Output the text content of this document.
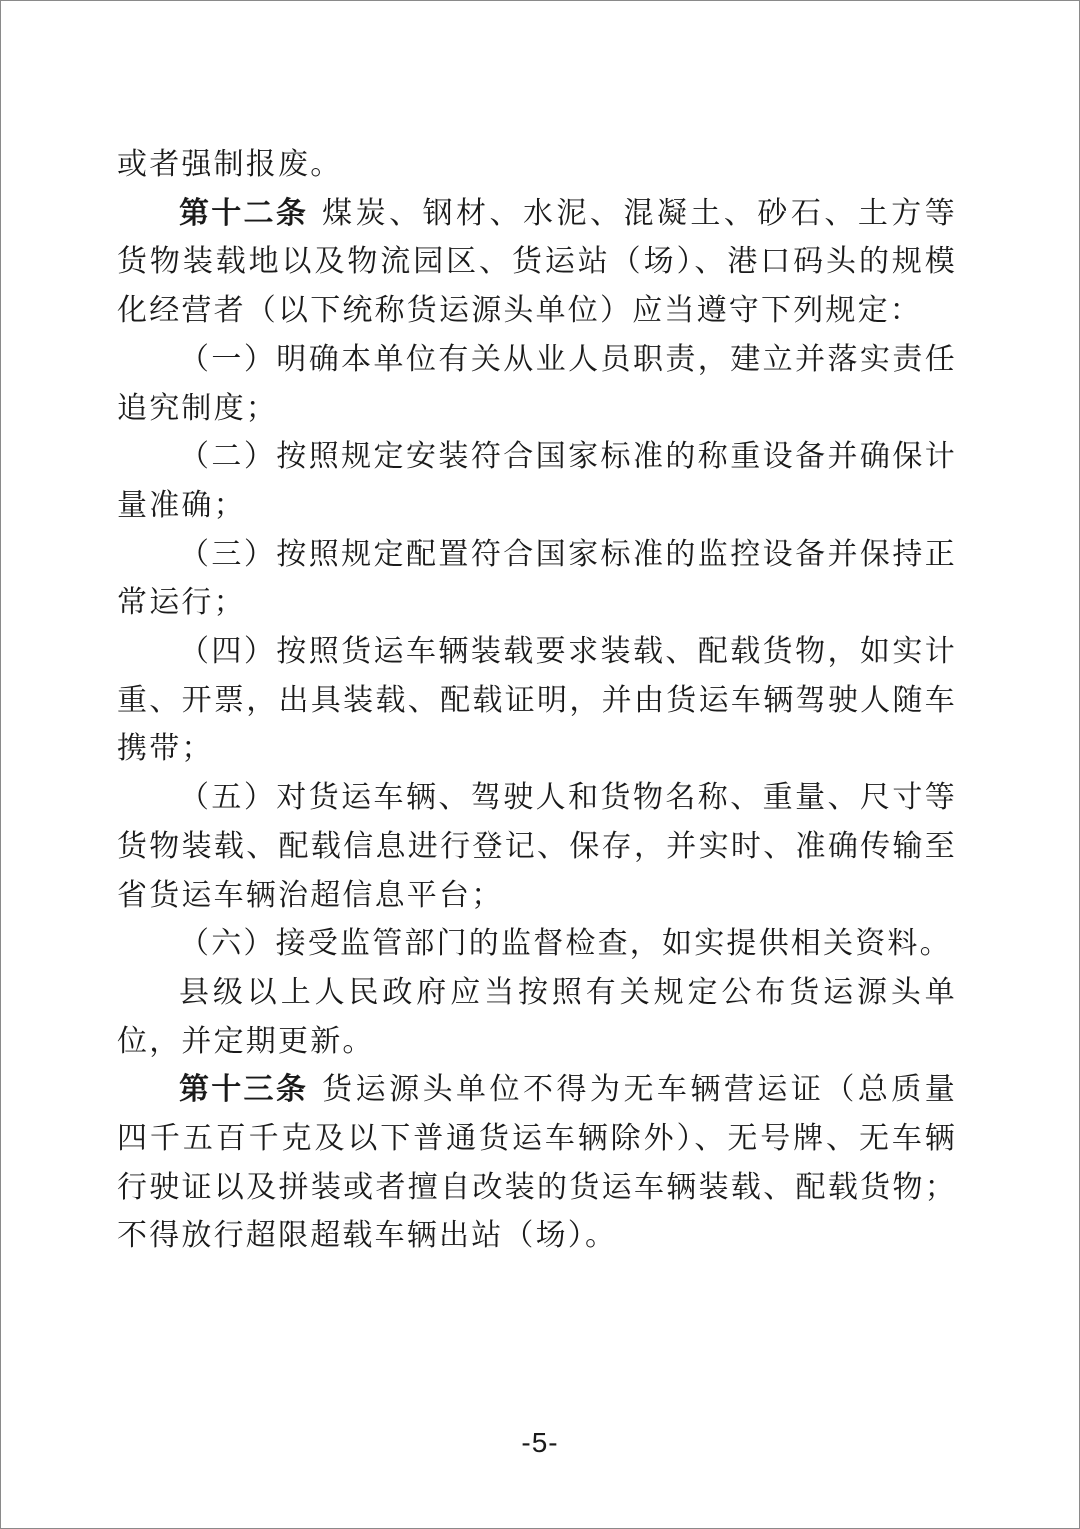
或者强制报废。

第十二条 煤炭、钢材、水泥、混凝土、砂石、土方等货物装载地以及物流园区、货运站（场）、港口码头的规模化经营者（以下统称货运源头单位）应当遵守下列规定：

（一）明确本单位有关从业人员职责，建立并落实责任追究制度；

（二）按照规定安装符合国家标准的称重设备并确保计量准确；

（三）按照规定配置符合国家标准的监控设备并保持正常运行；

（四）按照货运车辆装载要求装载、配载货物，如实计重、开票，出具装载、配载证明，并由货运车辆驾驶人随车携带；

（五）对货运车辆、驾驶人和货物名称、重量、尺寸等货物装载、配载信息进行登记、保存，并实时、准确传输至省货运车辆治超信息平台；

（六）接受监管部门的监督检查，如实提供相关资料。

县级以上人民政府应当按照有关规定公布货运源头单位，并定期更新。

第十三条 货运源头单位不得为无车辆营运证（总质量四千五百千克及以下普通货运车辆除外）、无号牌、无车辆行驶证以及拼装或者擅自改装的货运车辆装载、配载货物；不得放行超限超载车辆出站（场）。

-5-
